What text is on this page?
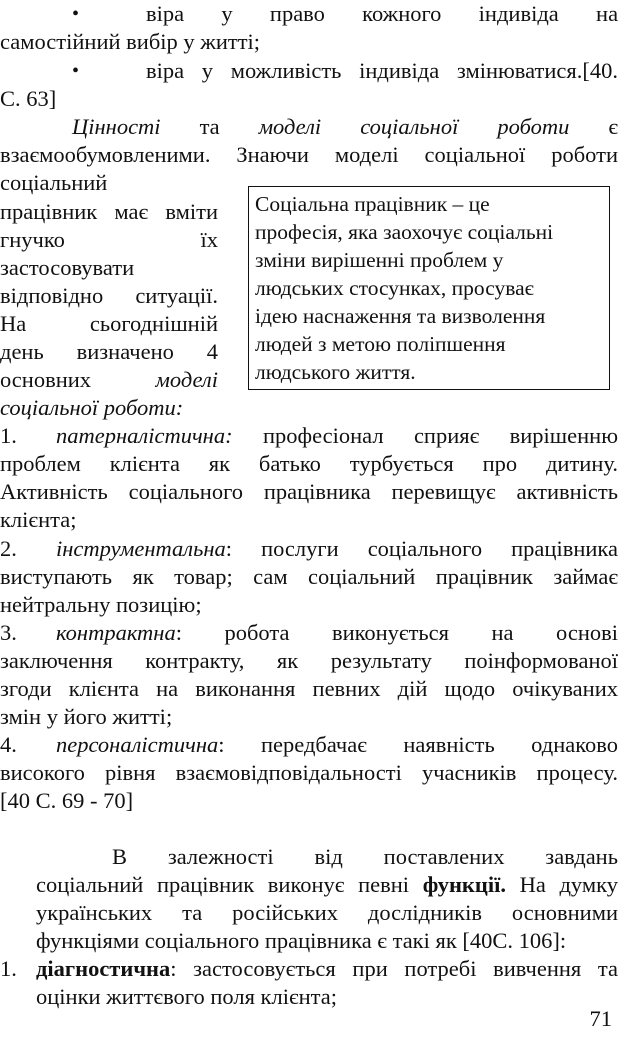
•	віра у право кожного індивіда на
самостійний вибір у житті;
•	віра у можливість індивіда змінюватися.[40.
С. 63]
Цінності та моделі соціальної роботи є
взаємообумовленими. Знаючи моделі соціальної роботи
соціальний
працівник має вміти
гнучко	їх
застосовувати
відповідно ситуації.
На	сьогоднішній
день визначено 4
основних	моделі
соціальної роботи:
Соціальна працівник – це
професія, яка заохочує соціальні
зміни вирішенні проблем у
людських стосунках, просуває
ідею наснаження та визволення
людей з метою поліпшення
людського життя.
1. патерналістична: професіонал сприяє вирішенню
проблем клієнта як батько турбується про дитину.
Активність соціального працівника перевищує активність
клієнта;
2. інструментальна: послуги соціального працівника
виступають як товар; сам соціальний працівник займає
нейтральну позицію;
3. контрактна: робота виконується на основі
заключення контракту, як результату поінформованої
згоди клієнта на виконання певних дій щодо очікуваних
змін у його житті;
4. персоналістична: передбачає наявність однаково
високого рівня взаємовідповідальності учасників процесу.
[40 С. 69 - 70]
В залежності від поставлених завдань
соціальний працівник виконує певні функції. На думку
українських та російських дослідників основними
функціями соціального працівника є такі як [40С. 106]:
1. діагностична: застосовується при потребі вивчення та
оцінки життєвого поля клієнта;
71
